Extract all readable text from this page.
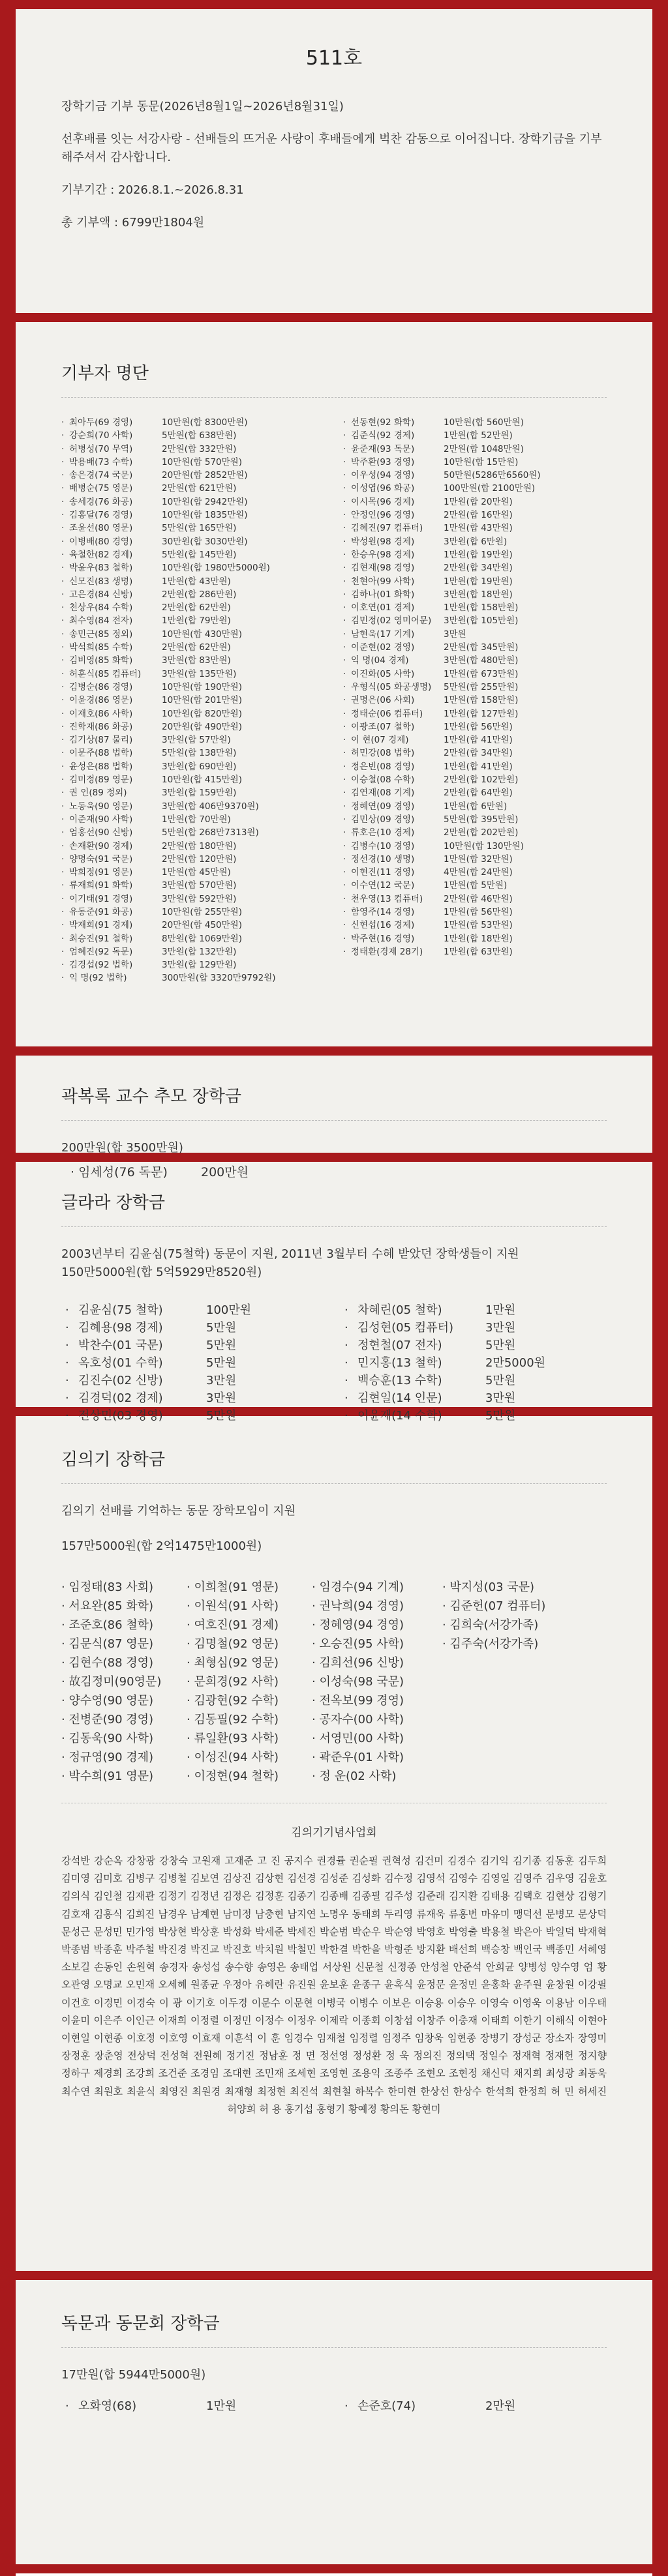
511호

장학기금 기부 동문(2026년8월1일~2026년8월31일)

선후배를 잇는 서강사랑 - 선배들의 뜨거운 사랑이 후배들에게 벅찬 감동으로 이어집니다. 장학기금을 기부해주셔서 감사합니다.

기부기간 : 2026.8.1.~2026.8.31

총 기부액 : 6799만1804원

기부자 명단
· 최아두(69 경영)	10만원(합 8300만원)
· 강순희(70 사학)	5만원(합 638만원)
· 허병성(70 무역)	2만원(합 332만원)
· 박용배(73 수학)	10만원(합 570만원)
· 송은경(74 국문)	20만원(합 2852만원)
· 배병순(75 영문)	2만원(합 621만원)
· 송세경(76 화공)	10만원(합 2942만원)
· 김홍달(76 경영)	10만원(합 1835만원)
· 조윤선(80 영문)	5만원(합 165만원)
· 이병배(80 경영)	30만원(합 3030만원)
· 육철한(82 경제)	5만원(합 145만원)
· 박윤우(83 철학)	10만원(합 1980만5000원)
· 신모진(83 생명)	1만원(합 43만원)
· 고은경(84 신방)	2만원(합 286만원)
· 천상우(84 수학)	2만원(합 62만원)
· 최수영(84 전자)	1만원(합 79만원)
· 송민근(85 정외)	10만원(합 430만원)
· 박석희(85 수학)	2만원(합 62만원)
· 김비영(85 화학)	3만원(합 83만원)
· 허훈식(85 컴퓨터)	3만원(합 135만원)
· 김병순(86 경영)	10만원(합 190만원)
· 이윤경(86 영문)	10만원(합 201만원)
· 이재호(86 사학)	10만원(합 820만원)
· 진학재(86 화공)	20만원(합 490만원)
· 김기상(87 물리)	3만원(합 57만원)
· 이문주(88 법학)	5만원(합 138만원)
· 윤성은(88 법학)	3만원(합 690만원)
· 김미정(89 영문)	10만원(합 415만원)
· 권 인(89 정외)	3만원(합 159만원)
· 노동욱(90 영문)	3만원(합 406만9370원)
· 이준재(90 사학)	1만원(합 70만원)
· 엄홍선(90 신방)	5만원(합 268만7313원)
· 손재환(90 경제)	2만원(합 180만원)
· 양명숙(91 국문)	2만원(합 120만원)
· 박희정(91 영문)	1만원(합 45만원)
· 류재희(91 화학)	3만원(합 570만원)
· 이기태(91 경영)	3만원(합 592만원)
· 유동준(91 화공)	10만원(합 255만원)
· 박재희(91 경제)	20만원(합 450만원)
· 최승진(91 철학)	8만원(합 1069만원)
· 엄혜진(92 독문)	3만원(합 132만원)
· 김경섭(92 법학)	3만원(합 129만원)
· 익 명(92 법학)	300만원(합 3320만9792원)
· 선동현(92 화학)	10만원(합 560만원)
· 김준식(92 경제)	1만원(합 52만원)
· 윤준재(93 독문)	2만원(합 1048만원)
· 박주환(93 경영)	10만원(합 15만원)
· 이우성(94 경영)	50만원(5286만6560원)
· 이성엽(96 화공)	100만원(합 2100만원)
· 이시목(96 경제)	1만원(합 20만원)
· 안정인(96 경영)	2만원(합 16만원)
· 김혜진(97 컴퓨터)	1만원(합 43만원)
· 박성원(98 경제)	3만원(합 6만원)
· 한승우(98 경제)	1만원(합 19만원)
· 김현재(98 경영)	2만원(합 34만원)
· 천현아(99 사학)	1만원(합 19만원)
· 김하나(01 화학)	3만원(합 18만원)
· 이호연(01 경제)	1만원(합 158만원)
· 김민정(02 영미어문)	3만원(합 105만원)
· 남현욱(17 기계)	3만원
· 이준현(02 경영)	2만원(합 345만원)
· 익 명(04 경제)	3만원(합 480만원)
· 이진화(05 사학)	1만원(합 673만원)
· 우형식(05 화공생명)	5만원(합 255만원)
· 권명은(06 사회)	1만원(합 158만원)
· 정태순(06 컴퓨터)	1만원(합 127만원)
· 이광조(07 철학)	1만원(합 56만원)
· 이 현(07 경제)	1만원(합 41만원)
· 허민강(08 법학)	2만원(합 34만원)
· 정은빈(08 경영)	1만원(합 41만원)
· 이승철(08 수학)	2만원(합 102만원)
· 김연재(08 기계)	2만원(합 64만원)
· 정혜연(09 경영)	1만원(합 6만원)
· 김민상(09 경영)	5만원(합 395만원)
· 류호은(10 경제)	2만원(합 202만원)
· 김병수(10 경영)	10만원(합 130만원)
· 정선경(10 생명)	1만원(합 32만원)
· 이현진(11 경영)	4만원(합 24만원)
· 이수연(12 국문)	1만원(합 5만원)
· 천우영(13 컴퓨터)	2만원(합 46만원)
· 함영주(14 경영)	1만원(합 56만원)
· 신현섭(16 경제)	1만원(합 53만원)
· 박주현(16 경영)	1만원(합 18만원)
· 정태환(경제 28기)	1만원(합 63만원)
곽복록 교수 추모 장학금

200만원(합 3500만원)

· 임세성(76 독문)	200만원
글라라 장학금

2003년부터 김윤심(75철학) 동문이 지원, 2011년 3월부터 수혜 받았던 장학생들이 지원

150만5000원(합 5억5929만8520원)

· 김윤심(75 철학)	100만원
· 김혜용(98 경제)	5만원
· 박찬수(01 국문)	5만원
· 옥호성(01 수학)	5만원
· 김진수(02 신방)	3만원
· 김경덕(02 경제)	3만원
· 전상민(03 경영)	5만원
· 차혜린(05 철학)	1만원
· 김성현(05 컴퓨터)	3만원
· 정현철(07 전자)	5만원
· 민지홍(13 철학)	2만5000원
· 백승훈(13 수학)	5만원
· 김현일(14 인문)	3만원
· 이윤재(14 수학)	5만원
김의기 장학금

김의기 선배를 기억하는 동문 장학모임이 지원

157만5000원(합 2억1475만1000원)

· 임정태(83 사회)
· 서요완(85 화학)
· 조준호(86 철학)
· 김문식(87 영문)
· 김현수(88 경영)
· 故김정미(90영문)
· 양수영(90 영문)
· 전병준(90 경영)
· 김동욱(90 사학)
· 정규영(90 경제)
· 박수희(91 영문)
· 이희철(91 영문)
· 이원석(91 사학)
· 여호진(91 경제)
· 김명철(92 영문)
· 최형심(92 영문)
· 문희경(92 사학)
· 김광현(92 수학)
· 김동필(92 수학)
· 류일환(93 사학)
· 이성진(94 사학)
· 이정현(94 철학)
· 임경수(94 기계)
· 권낙희(94 경영)
· 정혜영(94 경영)
· 오승진(95 사학)
· 김희선(96 신방)
· 이성숙(98 국문)
· 전옥보(99 경영)
· 공자수(00 사학)
· 서영민(00 사학)
· 곽준우(01 사학)
· 정 운(02 사학)
· 박지성(03 국문)
· 김준헌(07 컴퓨터)
· 김희숙(서강가족)
· 김주숙(서강가족)
김의기기념사업회

강석반 강순옥 강창광 강창숙 고원재 고재준 고 진 공지수 권경률 권순필 권혁성 김건미 김경수 김기익 김기종 김동훈 김두희 김미영 김미호 김병구 김병철 김보연 김상진 김상현 김선경 김성준 김성화 김수정 김영석 김영수 김영일 김영주 김우영 김윤호 김의식 김인철 김재관 김정기 김정년 김정은 김정훈 김종기 김종배 김종필 김주성 김준래 김지환 김태용 김택호 김현상 김형기 김호재 김홍식 김희진 남경우 남계현 남미정 남충현 남지연 노명우 동태희 두리영 류재욱 류홍번 마유미 맹덕선 문병모 문상덕 문성근 문성민 민가영 박상현 박상훈 박성화 박세준 박세진 박순범 박순우 박순영 박영호 박영출 박용철 박은아 박일덕 박재혁 박종범 박종훈 박주철 박진경 박진교 박진호 박치원 박철민 박한결 박한울 박형준 방지환 배선희 백승창 백인국 백종민 서혜영 소보길 손동인 손원혁 송경자 송성섭 송수향 송영은 송태업 서상원 신문철 신정종 안성철 안준석 안희균 양병성 양수영 엄 황 오관영 오명교 오민재 오세혜 원종균 우정아 유혜란 유진원 윤보훈 윤종구 윤혹식 윤정문 윤정민 윤홍화 윤주원 윤창원 이강필 이건호 이경민 이경숙 이 광 이기호 이두경 이문수 이문현 이병국 이병수 이보은 이승용 이승우 이영숙 이영욱 이용남 이우태 이윤미 이은주 이인근 이재희 이정렬 이정민 이정수 이정우 이제락 이종회 이창섭 이창주 이충재 이태희 이한기 이해식 이현아 이현일 이현종 이호정 이호영 이효재 이훈석 이 훈 임경수 임재철 임정렬 임정주 임창욱 임현종 장병기 장성군 장소자 장영미 장정훈 장춘영 전상덕 전성혁 전원혜 정기진 정남훈 정 면 정선영 정성환 정 욱 정의진 정의택 정일수 정재혁 정재헌 정지향 정하구 제경희 조강희 조건준 조경임 조대현 조민재 조세현 조영현 조용익 조종주 조현오 조현정 채신덕 채지희 최성광 최동욱 최수연 최원호 최윤식 최영진 최원경 최재형 최정현 최진석 최현철 하복수 한미현 한상선 한상수 한석희 한정희 허 민 허세진 허양희 허 용 홍기섭 홍형기 황예정 황의돈 황현미

독문과 동문회 장학금

17만원(합 5944만5000원)

· 오화영(68)	1만원	· 손준호(74)	2만원
